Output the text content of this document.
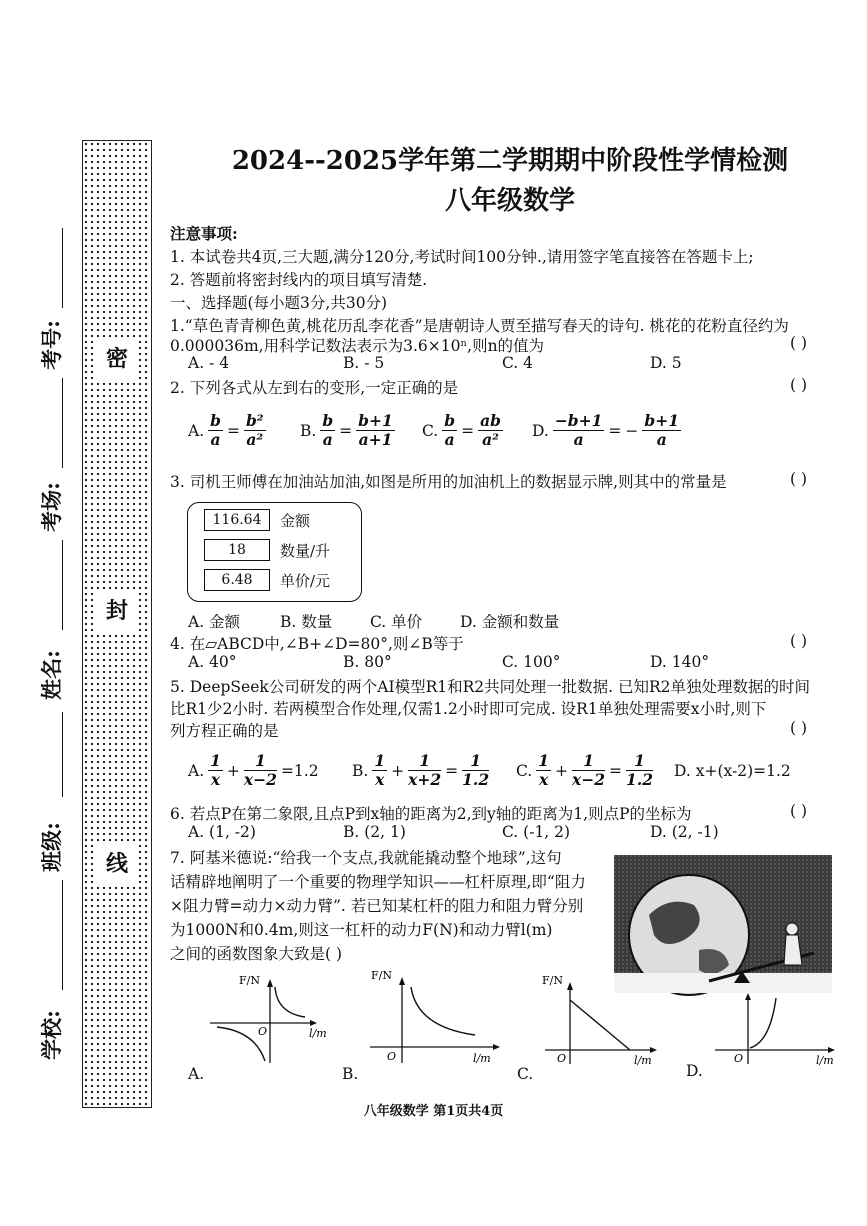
考号:
考场:
姓名:
班级:
学校:
密
封
线
2024--2025学年第二学期期中阶段性学情检测
八年级数学
注意事项:
1. 本试卷共4页,三大题,满分120分,考试时间100分钟.,请用签字笔直接答在答题卡上;
2. 答题前将密封线内的项目填写清楚.
一、选择题(每小题3分,共30分)
1.“草色青青柳色黄,桃花历乱李花香”是唐朝诗人贾至描写春天的诗句. 桃花的花粉直径约为
0.000036m,用科学记数法表示为3.6×10ⁿ,则n的值为	( )
A. - 4	B. - 5	C. 4	D. 5
2. 下列各式从左到右的变形,一定正确的是	( )
A. $\frac{b}{a} = \frac{\text{b²}}{\text{a²}} B$. $\frac{b}{a} = \frac{b+1}{a+1} C$. $\frac{b}{a} = \frac{ab}{\text{a²}} D$. $\frac{-b+1}{a}$ = − $\frac{b+1}{a}$
3. 司机王师傅在加油站加油,如图是所用的加油机上的数据显示牌,则其中的常量是	( )
116.64	金额
18	数量/升
6.48	单价/元
A. 金额	B. 数量 C. 单价 D. 金额和数量
4. 在▱ABCD中,∠B+∠D=80°,则∠B等于	( )
A. 40°	B. 80°	C. 100°	D. 140°
5. DeepSeek公司研发的两个AI模型R1和R2共同处理一批数据. 已知R2单独处理数据的时间
比R1少2小时. 若两模型合作处理,仅需1.2小时即可完成. 设R1单独处理需要x小时,则下
列方程正确的是	( )
A. $\frac{1}{x} + \frac{1}{x-2} =1.2$ B. $\frac{1}{x} + \frac{1}{x+2} = \frac{1}{1.2} C$. $\frac{1}{x} + \frac{1}{x-2} = \frac{1}{1.2} D$. x+(x-2)=1.2
6. 若点P在第二象限,且点P到x轴的距离为2,到y轴的距离为1,则点P的坐标为	( )
A. (1, -2)	B. (2, 1)	C. (-1, 2)	D. (2, -1)
7. 阿基米德说:“给我一个支点,我就能撬动整个地球”,这句
话精辟地阐明了一个重要的物理学知识——杠杆原理,即“阻力
×阻力臂=动力×动力臂”. 若已知某杠杆的阻力和阻力臂分别
为1000N和0.4m,则这一杠杆的动力F(N)和动力臂l(m)
之间的函数图象大致是( )
F/N
O	l/m
A.
F/N
O	l/m
B.
F/N
O	l/m
C.
O	l/m
D.
八年级数学 第1页共4页
